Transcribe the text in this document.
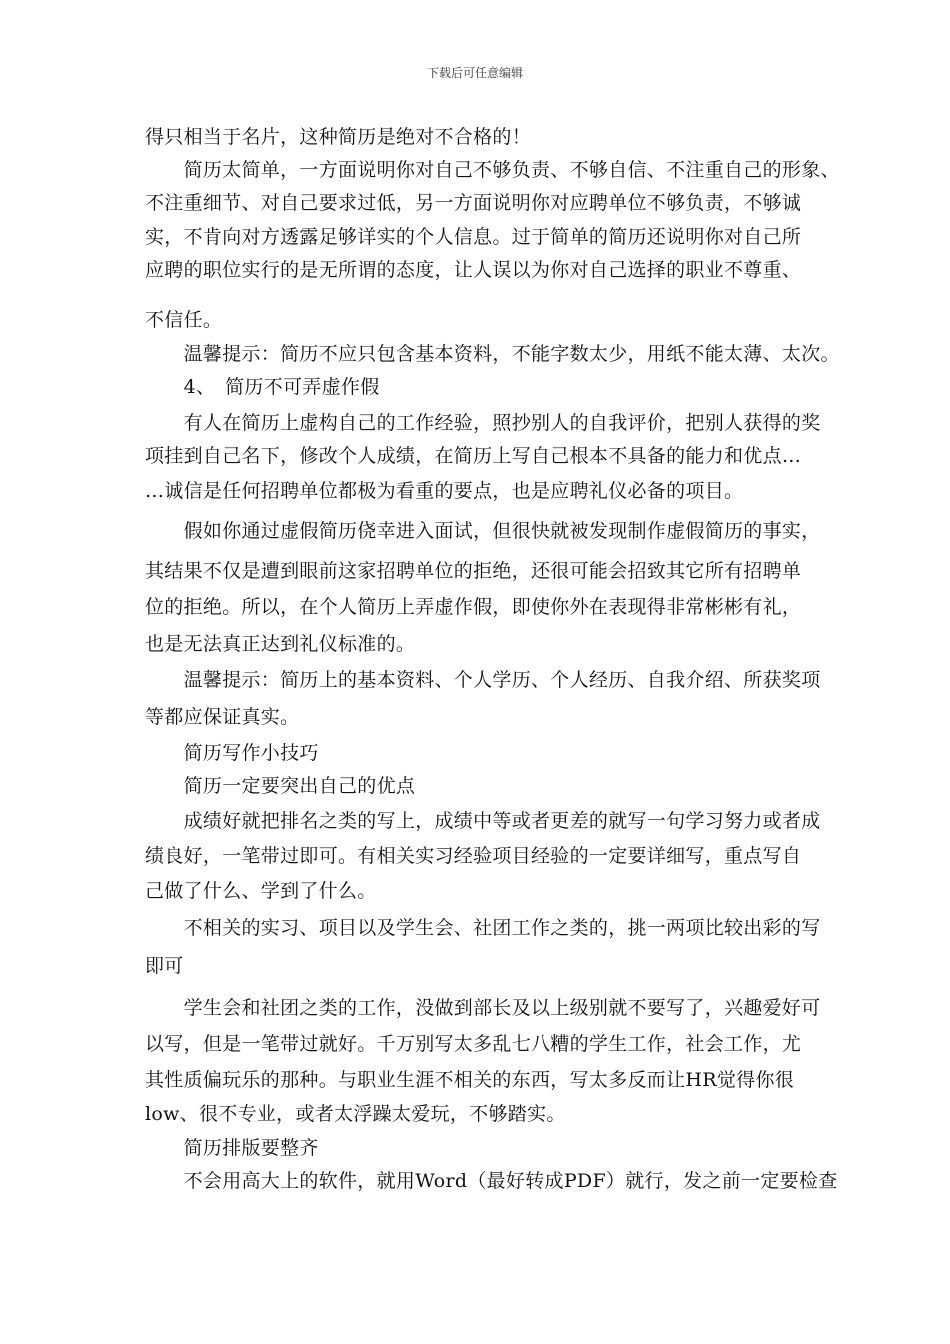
下载后可任意编辑
得只相当于名片，这种简历是绝对不合格的！
　　简历太简单，一方面说明你对自己不够负责、不够自信、不注重自己的形象、
不注重细节、对自己要求过低，另一方面说明你对应聘单位不够负责，不够诚
实，不肯向对方透露足够详实的个人信息。过于简单的简历还说明你对自己所
应聘的职位实行的是无所谓的态度，让人误以为你对自己选择的职业不尊重、
不信任。
　　温馨提示：简历不应只包含基本资料，不能字数太少，用纸不能太薄、太次。
　　4、　简历不可弄虚作假
　　有人在简历上虚构自己的工作经验，照抄别人的自我评价，把别人获得的奖
项挂到自己名下，修改个人成绩，在简历上写自己根本不具备的能力和优点…
…诚信是任何招聘单位都极为看重的要点，也是应聘礼仪必备的项目。
　　假如你通过虚假简历侥幸进入面试，但很快就被发现制作虚假简历的事实，
其结果不仅是遭到眼前这家招聘单位的拒绝，还很可能会招致其它所有招聘单
位的拒绝。所以，在个人简历上弄虚作假，即使你外在表现得非常彬彬有礼，
也是无法真正达到礼仪标准的。
　　温馨提示：简历上的基本资料、个人学历、个人经历、自我介绍、所获奖项
等都应保证真实。
　　简历写作小技巧
　　简历一定要突出自己的优点
　　成绩好就把排名之类的写上，成绩中等或者更差的就写一句学习努力或者成
绩良好，一笔带过即可。有相关实习经验项目经验的一定要详细写，重点写自
己做了什么、学到了什么。
　　不相关的实习、项目以及学生会、社团工作之类的，挑一两项比较出彩的写
即可
　　学生会和社团之类的工作，没做到部长及以上级别就不要写了，兴趣爱好可
以写，但是一笔带过就好。千万别写太多乱七八糟的学生工作，社会工作，尤
其性质偏玩乐的那种。与职业生涯不相关的东西，写太多反而让HR觉得你很
low、很不专业，或者太浮躁太爱玩，不够踏实。
　　简历排版要整齐
　　不会用高大上的软件，就用Word（最好转成PDF）就行，发之前一定要检查
